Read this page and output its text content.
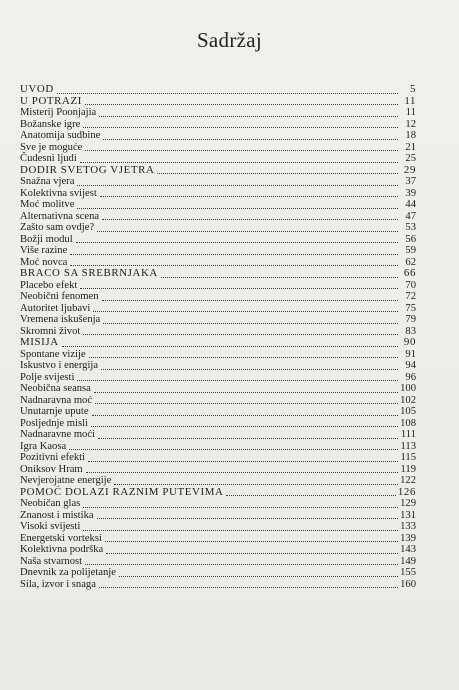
Sadržaj
UVOD	5
U POTRAZI	11
Misterij Poonjajia	11
Božanske igre	12
Anatomija sudbine	18
Sve je moguće	21
Čudesni ljudi	25
DODIR SVETOG VJETRA	29
Snažna vjera	37
Kolektivna svijest	39
Moć molitve	44
Alternativna scena	47
Zašto sam ovdje?	53
Božji modul	56
Više razine	59
Moć novca	62
BRACO SA SREBRNJAKA	66
Placebo efekt	70
Neobični fenomen	72
Autoritet ljubavi	75
Vremena iskušenja	79
Skromni život	83
MISIJA	90
Spontane vizije	91
Iskustvo i energija	94
Polje svijesti	96
Neobična seansa	100
Nadnaravna moć	102
Unutarnje upute	105
Posljednje misli	108
Nadnaravne moći	111
Igra Kaosa	113
Pozitivni efekti	115
Oniksov Hram	119
Nevjerojatne energije	122
POMOĆ DOLAZI RAZNIM PUTEVIMA	126
Neobičan glas	129
Znanost i mistika	131
Visoki svijesti	133
Energetski vorteksi	139
Kolektivna podrška	143
Naša stvarnost	149
Dnevnik za polijetanje	155
Sila, izvor i snaga	160
